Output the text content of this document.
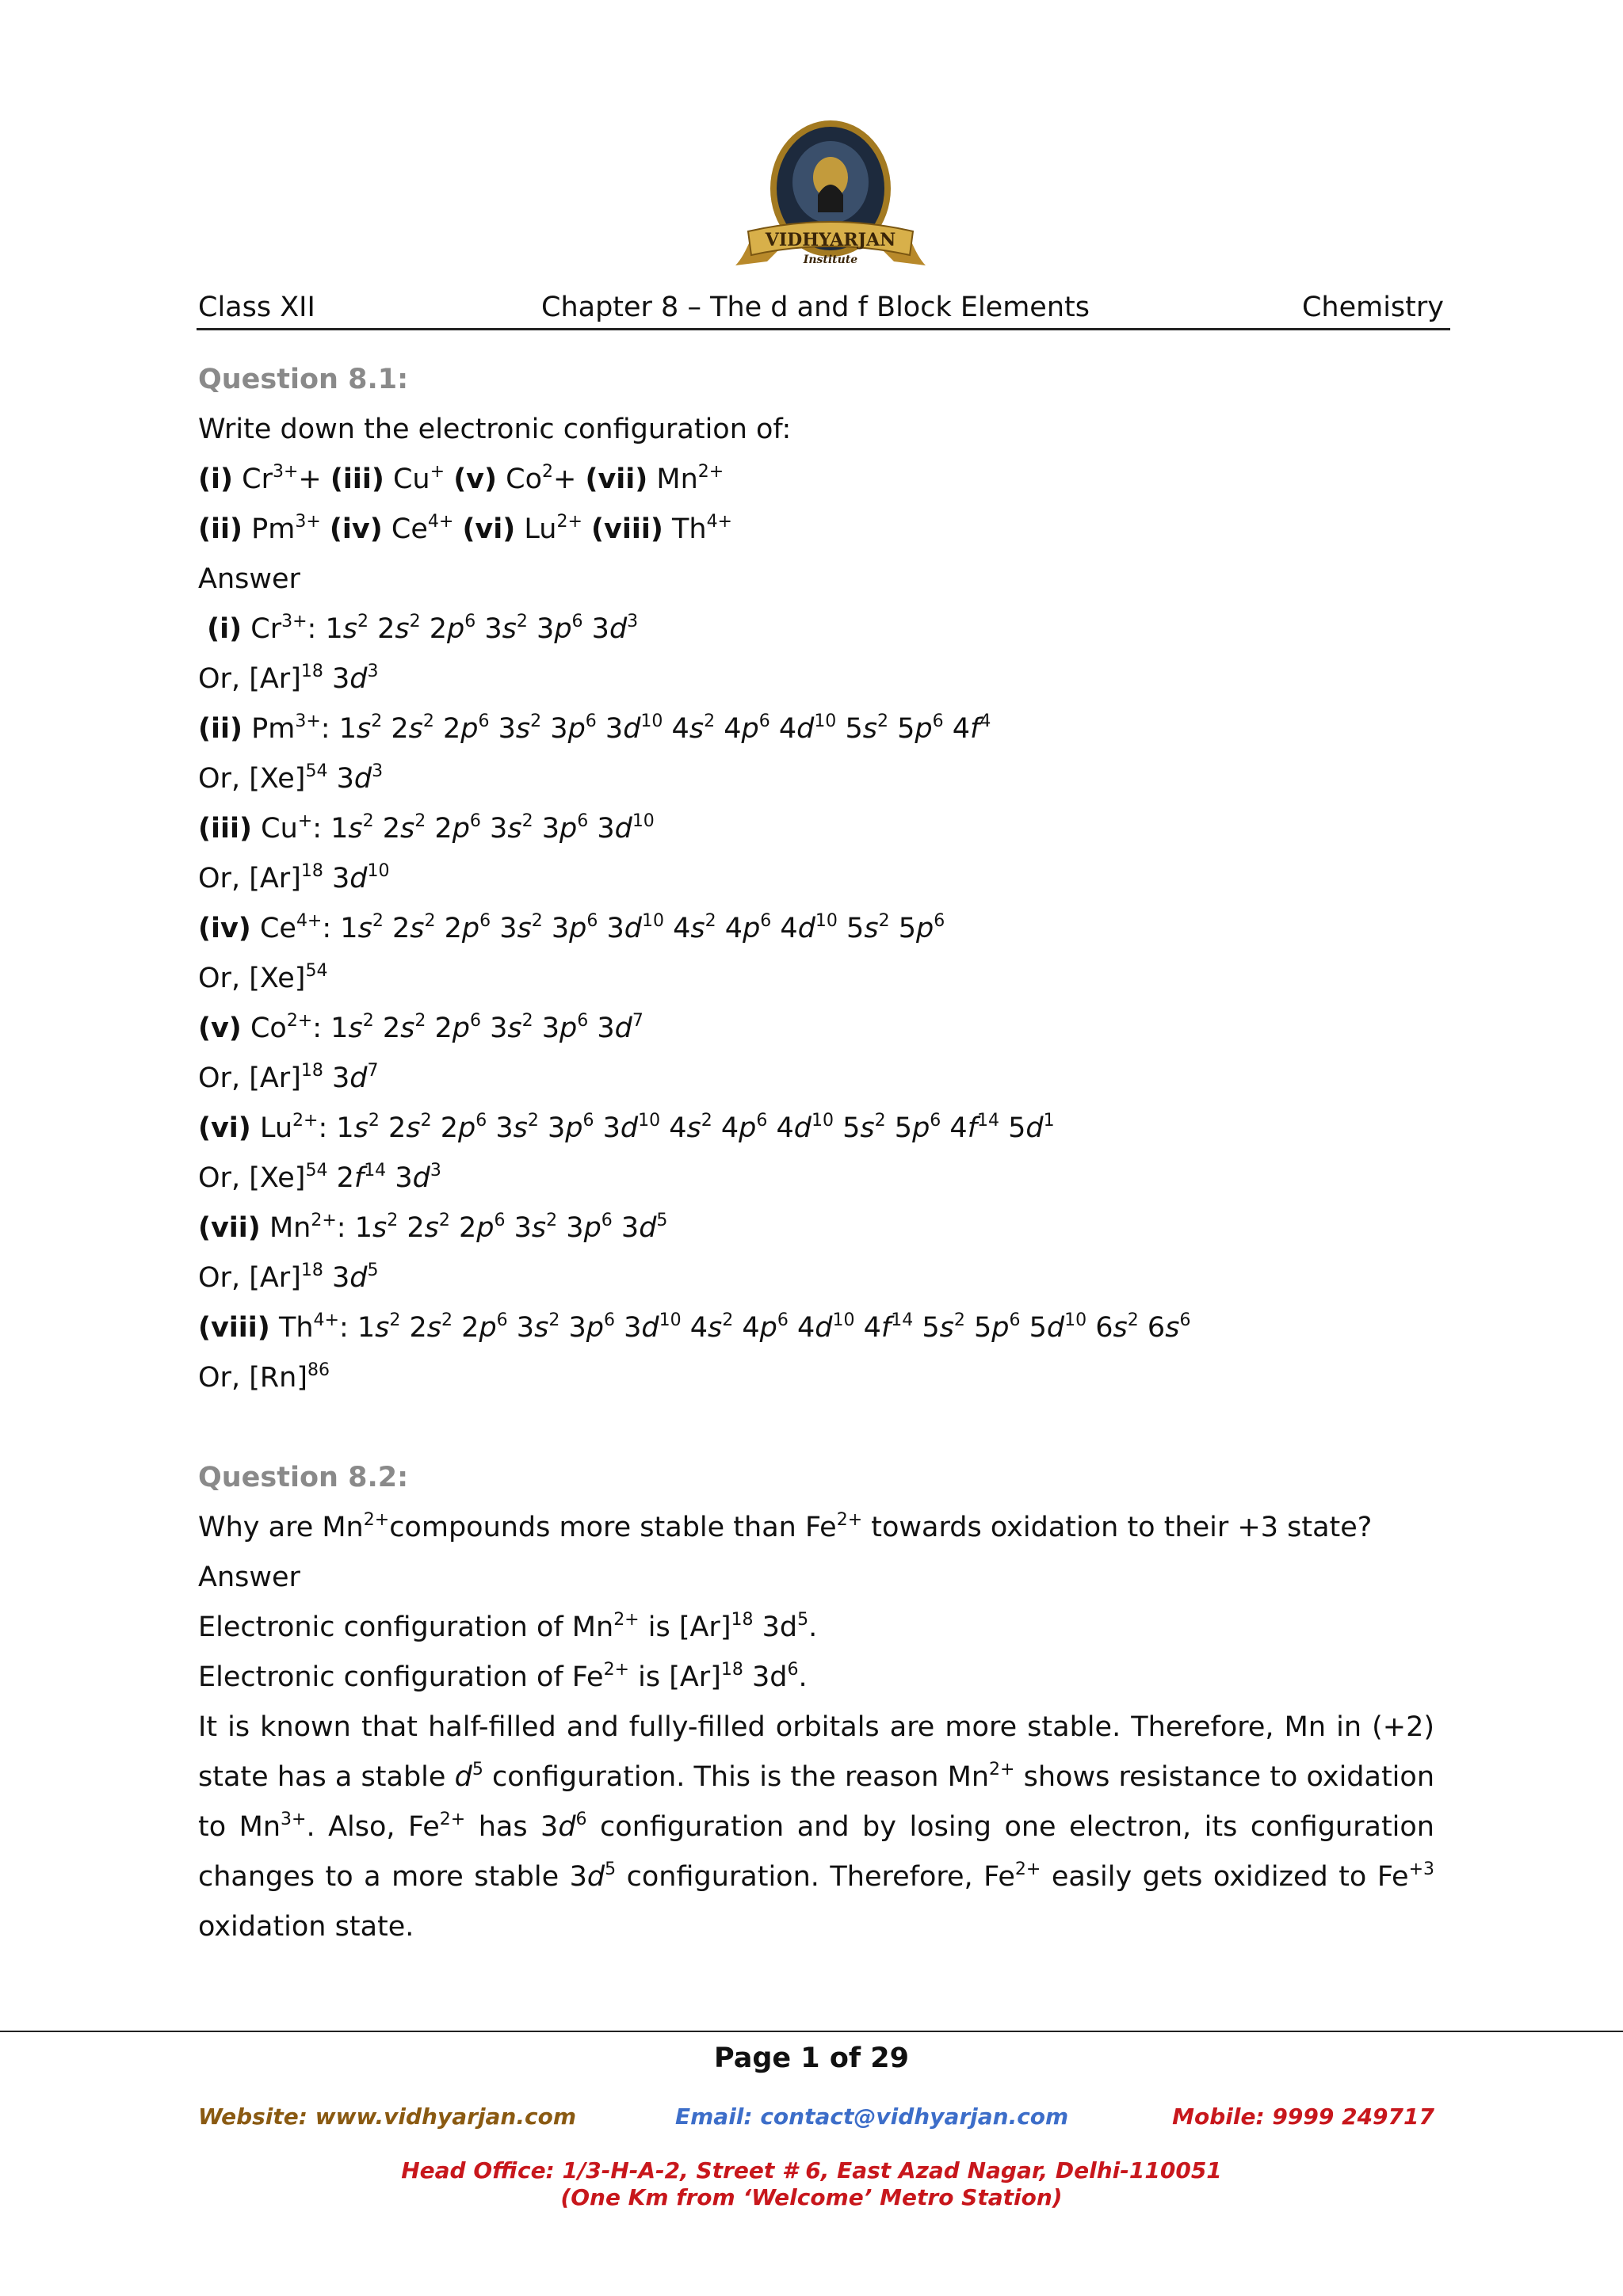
VIDHYARJAN
Institute
Class XII	Chapter 8 – The d and f Block Elements	Chemistry
Question 8.1:
Write down the electronic configuration of:
(i) $Cr^{3+}+ (iii)$ Cu+ (v) $Co^2+ (vii)$ $Mn^{2+}$
(ii) $Pm^{3+}$ (iv) $Ce^{4+}$ (vi) $Lu^{2+}$ (viii) $Th^{4+}$
Answer
(i) $Cr^{3+}$: $1s^2$ $2s^2$ $2p^6$ $3s^2$ $3p^6$ $3d^3$
Or, $[Ar]^{18}$ $3d^3$
(ii) $Pm^{3+}$: $1s^2$ $2s^2$ $2p^6$ $3s^2$ $3p^6$ $3d^{10}$ $4s^2$ $4p^6$ $4d^{10}$ $5s^2$ $5p^6$ $4f^4$
Or, $[Xe]^{54}$ $3d^3$
(iii) Cu+: $1s^2$ $2s^2$ $2p^6$ $3s^2$ $3p^6$ $3d^{10}$
Or, $[Ar]^{18}$ $3d^{10}$
(iv) $Ce^{4+}$: $1s^2$ $2s^2$ $2p^6$ $3s^2$ $3p^6$ $3d^{10}$ $4s^2$ $4p^6$ $4d^{10}$ $5s^2$ $5p^6$
Or, $[Xe]^{54}$
(v) $Co^{2+}$: $1s^2$ $2s^2$ $2p^6$ $3s^2$ $3p^6$ $3d^7$
Or, $[Ar]^{18}$ $3d^7$
(vi) $Lu^{2+}$: $1s^2$ $2s^2$ $2p^6$ $3s^2$ $3p^6$ $3d^{10}$ $4s^2$ $4p^6$ $4d^{10}$ $5s^2$ $5p^6$ $4f^{14}$ $5d^1$
Or, $[Xe]^{54}$ $2f^{14}$ $3d^3$
(vii) $Mn^{2+}$: $1s^2$ $2s^2$ $2p^6$ $3s^2$ $3p^6$ $3d^5$
Or, $[Ar]^{18}$ $3d^5$
(viii) $Th^{4+}$: $1s^2$ $2s^2$ $2p^6$ $3s^2$ $3p^6$ $3d^{10}$ $4s^2$ $4p^6$ $4d^{10}$ $4f^{14}$ $5s^2$ $5p^6$ $5d^{10}$ $6s^2$ $6s^6$
Or, $[Rn]^{86}$
Question 8.2:
Why are $Mn^{2+}compounds$ more stable than $Fe^{2+}$ towards oxidation to their +3 state?
Answer
Electronic configuration of $Mn^{2+}$ is $[Ar]^{18}$ $3d^5$.
Electronic configuration of $Fe^{2+}$ is $[Ar]^{18}$ $3d^6$.
It is known that half-filled and fully-filled orbitals are more stable. Therefore, Mn in (+2) state has a stable $d^5$ configuration. This is the reason $Mn^{2+}$ shows resistance to oxidation to $Mn^{3+}$. Also, $Fe^{2+}$ has $3d^6$ configuration and by losing one electron, its configuration changes to a more stable $3d^5$ configuration. Therefore, $Fe^{2+}$ easily gets oxidized to $Fe^{+3}$ oxidation state.
Page 1 of 29
Website: www.vidhyarjan.com	Email: contact@vidhyarjan.com	Mobile: 9999 249717
Head Office: 1/3-H-A-2, Street # 6, East Azad Nagar, Delhi-110051
(One Km from ‘Welcome’ Metro Station)
